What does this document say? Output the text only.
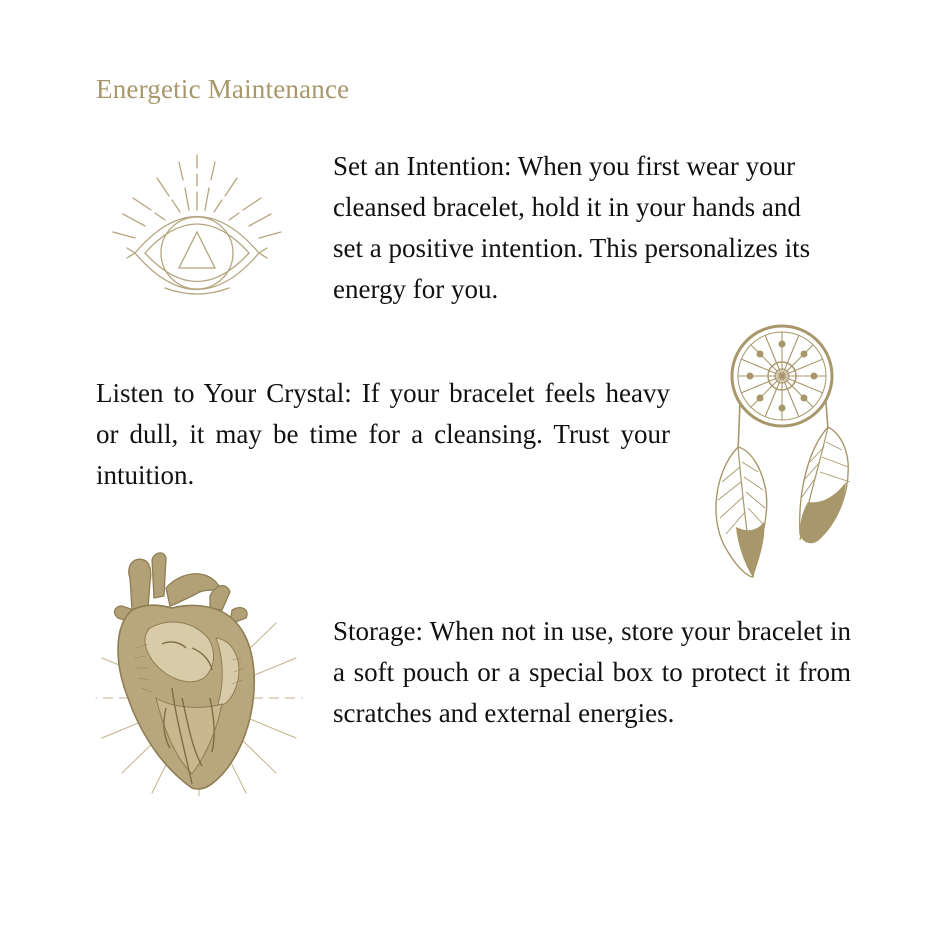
Energetic Maintenance

Set an Intention: When you first wear your cleansed bracelet, hold it in your hands and set a positive intention. This personalizes its energy for you.

Listen to Your Crystal: If your bracelet feels heavy or dull, it may be time for a cleansing. Trust your intuition.

Storage: When not in use, store your bracelet in a soft pouch or a special box to protect it from scratches and external energies.
